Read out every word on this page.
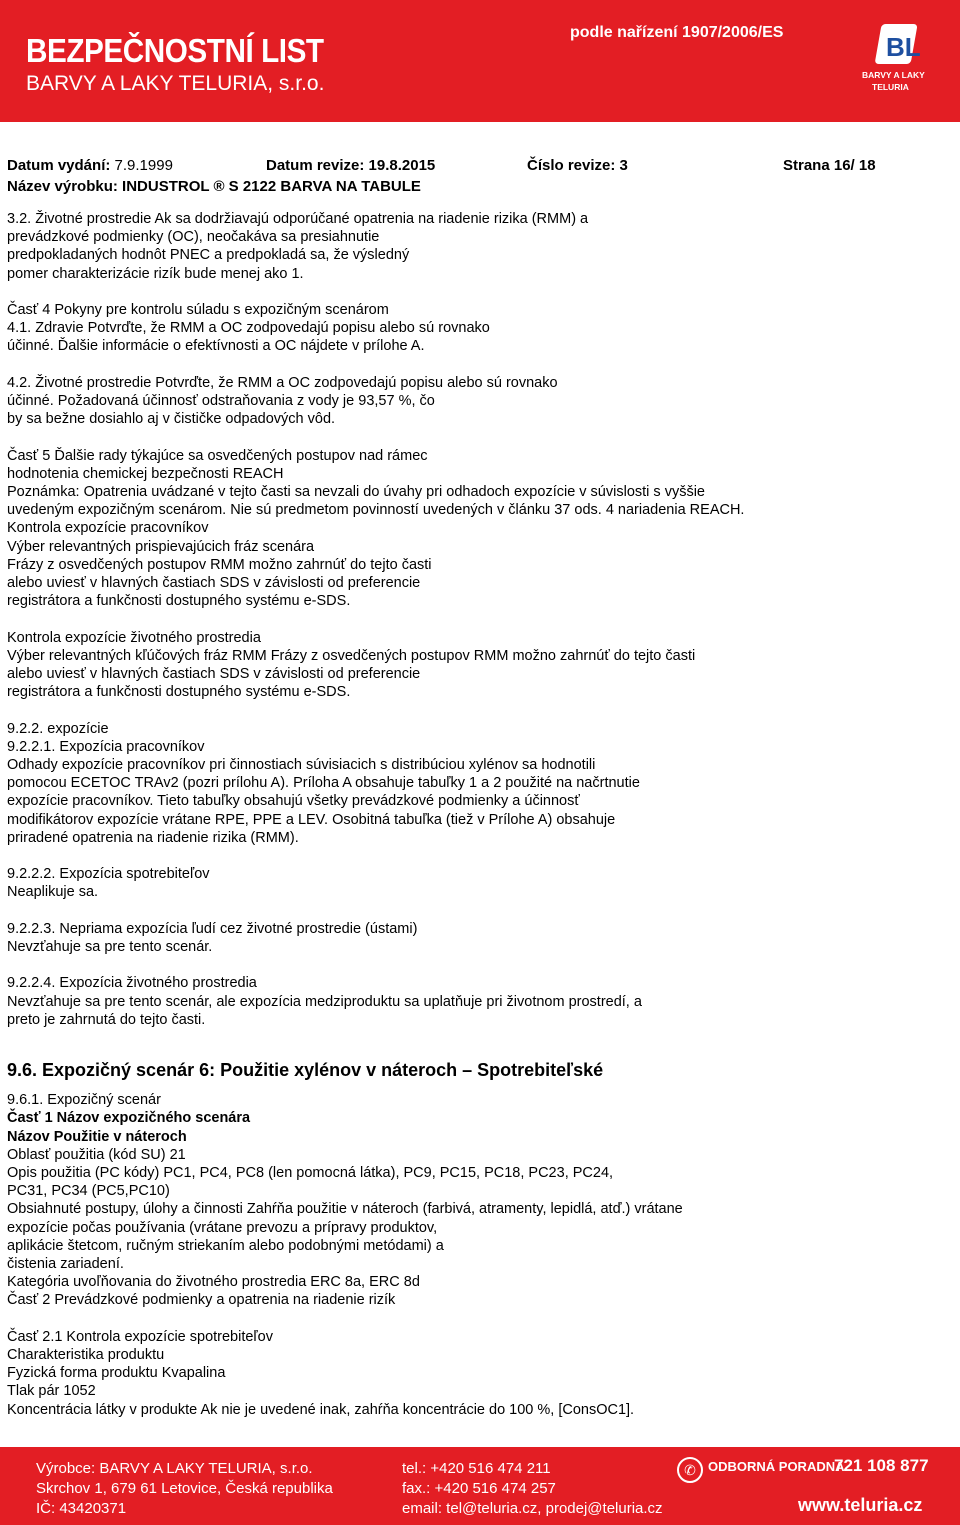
BEZPEČNOSTNÍ LIST
BARVY A LAKY TELURIA, s.r.o.
podle nařízení 1907/2006/ES	BL
BARVY A LAKY
TELURIA
Datum vydání: 7.9.1999	Datum revize: 19.8.2015	Číslo revize: 3	Strana 16/ 18
Název výrobku: INDUSTROL ® S 2122 BARVA NA TABULE

3.2. Životné prostredie Ak sa dodržiavajú odporúčané opatrenia na riadenie rizika (RMM) a

prevádzkové podmienky (OC), neočakáva sa presiahnutie

predpokladaných hodnôt PNEC a predpokladá sa, že výsledný

pomer charakterizácie rizík bude menej ako 1.

Časť 4 Pokyny pre kontrolu súladu s expozičným scenárom

4.1. Zdravie Potvrďte, že RMM a OC zodpovedajú popisu alebo sú rovnako

účinné. Ďalšie informácie o efektívnosti a OC nájdete v prílohe A.

4.2. Životné prostredie Potvrďte, že RMM a OC zodpovedajú popisu alebo sú rovnako

účinné. Požadovaná účinnosť odstraňovania z vody je 93,57 %, čo

by sa bežne dosiahlo aj v čističke odpadových vôd.

Časť 5 Ďalšie rady týkajúce sa osvedčených postupov nad rámec

hodnotenia chemickej bezpečnosti REACH

Poznámka: Opatrenia uvádzané v tejto časti sa nevzali do úvahy pri odhadoch expozície v súvislosti s vyššie

uvedeným expozičným scenárom. Nie sú predmetom povinností uvedených v článku 37 ods. 4 nariadenia REACH.

Kontrola expozície pracovníkov

Výber relevantných prispievajúcich fráz scenára

Frázy z osvedčených postupov RMM možno zahrnúť do tejto časti

alebo uviesť v hlavných častiach SDS v závislosti od preferencie

registrátora a funkčnosti dostupného systému e-SDS.

Kontrola expozície životného prostredia

Výber relevantných kľúčových fráz RMM Frázy z osvedčených postupov RMM možno zahrnúť do tejto časti

alebo uviesť v hlavných častiach SDS v závislosti od preferencie

registrátora a funkčnosti dostupného systému e-SDS.

9.2.2. expozície

9.2.2.1. Expozícia pracovníkov

Odhady expozície pracovníkov pri činnostiach súvisiacich s distribúciou xylénov sa hodnotili

pomocou ECETOC TRAv2 (pozri prílohu A). Príloha A obsahuje tabuľky 1 a 2 použité na načrtnutie

expozície pracovníkov. Tieto tabuľky obsahujú všetky prevádzkové podmienky a účinnosť

modifikátorov expozície vrátane RPE, PPE a LEV. Osobitná tabuľka (tiež v Prílohe A) obsahuje

priradené opatrenia na riadenie rizika (RMM).

9.2.2.2. Expozícia spotrebiteľov

Neaplikuje sa.

9.2.2.3. Nepriama expozícia ľudí cez životné prostredie (ústami)

Nevzťahuje sa pre tento scenár.

9.2.2.4. Expozícia životného prostredia

Nevzťahuje sa pre tento scenár, ale expozícia medziproduktu sa uplatňuje pri životnom prostredí, a

preto je zahrnutá do tejto časti.

9.6. Expozičný scenár 6: Použitie xylénov v náteroch – Spotrebiteľské

9.6.1. Expozičný scenár

Časť 1 Názov expozičného scenára

Názov Použitie v náteroch

Oblasť použitia (kód SU) 21

Opis použitia (PC kódy) PC1, PC4, PC8 (len pomocná látka), PC9, PC15, PC18, PC23, PC24,

PC31, PC34 (PC5,PC10)

Obsiahnuté postupy, úlohy a činnosti Zahŕňa použitie v náteroch (farbivá, atramenty, lepidlá, atď.) vrátane

expozície počas používania (vrátane prevozu a prípravy produktov,

aplikácie štetcom, ručným striekaním alebo podobnými metódami) a

čistenia zariadení.

Kategória uvoľňovania do životného prostredia ERC 8a, ERC 8d

Časť 2 Prevádzkové podmienky a opatrenia na riadenie rizík

Časť 2.1 Kontrola expozície spotrebiteľov

Charakteristika produktu

Fyzická forma produktu Kvapalina

Tlak pár 1052

Koncentrácia látky v produkte Ak nie je uvedené inak, zahŕňa koncentrácie do 100 %, [ConsOC1].

Výrobce: BARVY A LAKY TELURIA, s.r.o.
Skrchov 1, 679 61 Letovice, Česká republika
IČ: 43420371
tel.: +420 516 474 211
fax.: +420 516 474 257
email: tel@teluria.cz, prodej@teluria.cz
✆ ODBORNÁ PORADNA
721 108 877
www.teluria.cz
